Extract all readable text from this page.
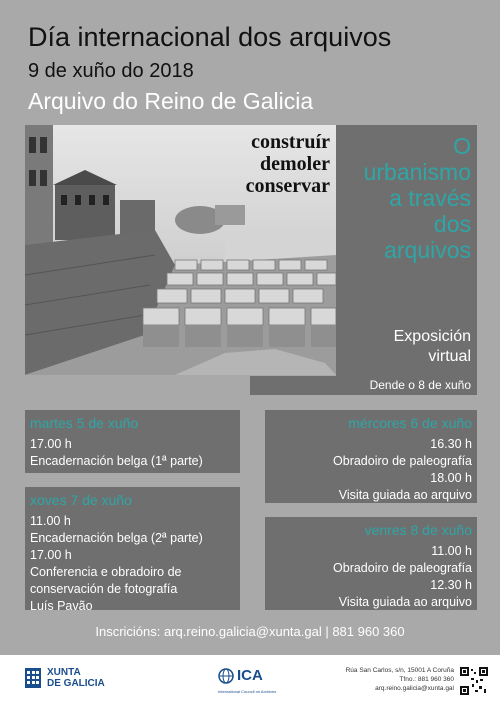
Día internacional dos arquivos
9 de xuño do 2018
Arquivo do Reino de Galicia
construír
demoler
conservar
O
urbanismo
a través
dos
arquivos
Exposición
virtual
Dende o 8 de xuño
martes 5 de xuño
17.00 h
Encadernación belga (1ª parte)
mércores 6 de xuño
16.30 h
Obradoiro de paleografía
18.00 h
Visita guiada ao arquivo
xoves 7 de xuño
11.00 h
Encadernación belga (2ª parte)
17.00 h
Conferencia e obradoiro de
conservación de fotografía
Luís Pavão
venres 8 de xuño
11.00 h
Obradoiro de paleografía
12.30 h
Visita guiada ao arquivo
Inscricións: arq.reino.galicia@xunta.gal | 881 960 360
XUNTA
DE GALICIA	ICA
International Council on Archives
Rúa San Carlos, s/n, 15001 A Coruña
Tfno.: 881 960 360
arq.reino.galicia@xunta.gal
